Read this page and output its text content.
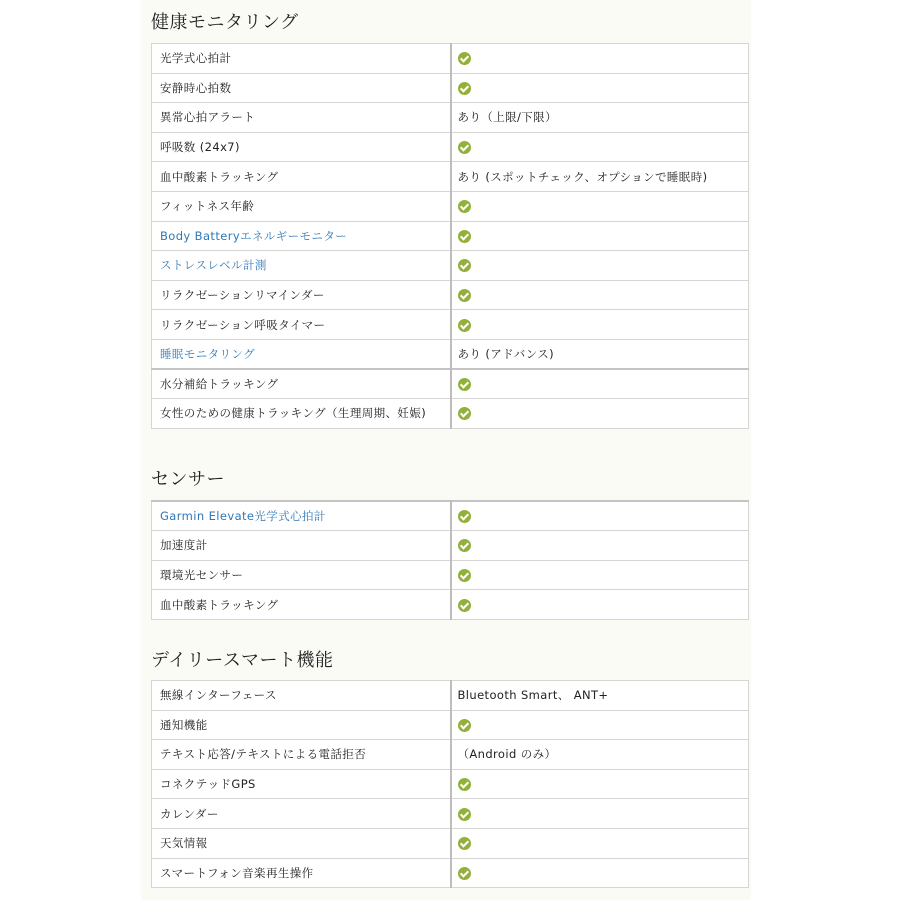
健康モニタリング
光学式心拍計	
安静時心拍数	
異常心拍アラート	あり（上限/下限）
呼吸数 (24x7)	
血中酸素トラッキング	あり (スポットチェック、オプションで睡眠時)
フィットネス年齢	
Body Batteryエネルギーモニター	
ストレスレベル計測	
リラクゼーションリマインダー	
リラクゼーション呼吸タイマー	
睡眠モニタリング	あり (アドバンス)
水分補給トラッキング	
女性のための健康トラッキング（生理周期、妊娠)	
センサー
Garmin Elevate光学式心拍計	
加速度計	
環境光センサー	
血中酸素トラッキング	
デイリースマート機能
無線インターフェース	Bluetooth Smart、 ANT+
通知機能	
テキスト応答/テキストによる電話拒否	（Android のみ）
コネクテッドGPS	
カレンダー	
天気情報	
スマートフォン音楽再生操作	
